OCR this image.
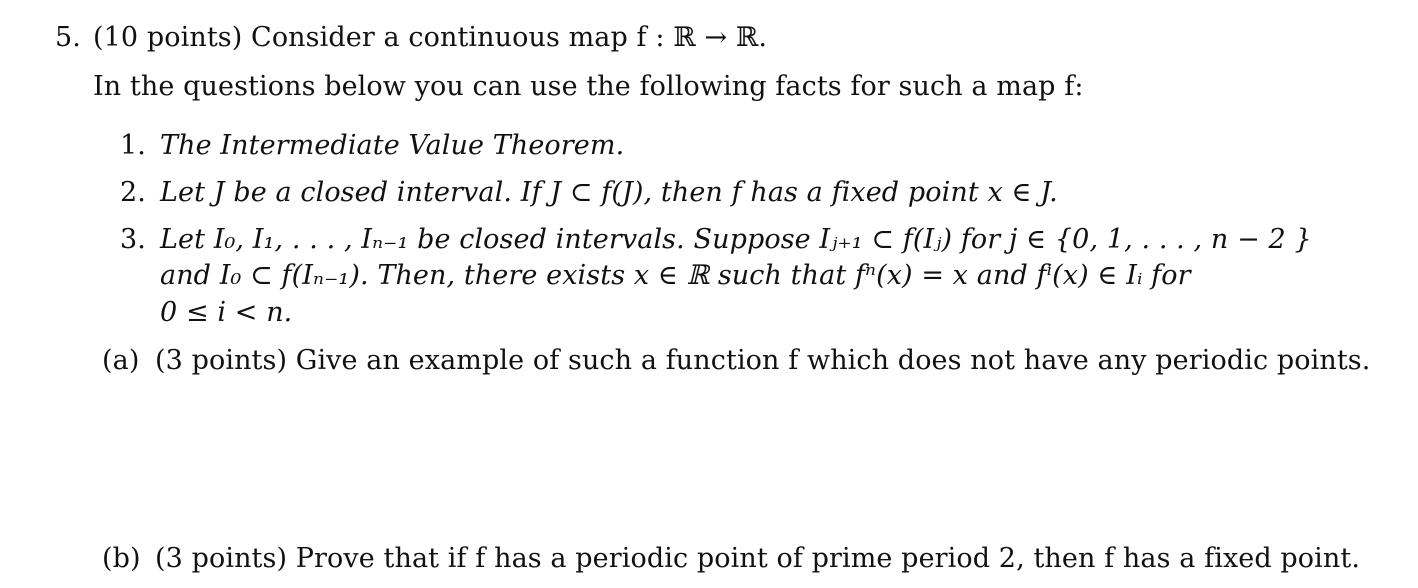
5. (10 points) Consider a continuous map f : ℝ → ℝ.
In the questions below you can use the following facts for such a map f:
1. The Intermediate Value Theorem.
2. Let J be a closed interval. If J ⊂ f(J), then f has a fixed point x ∈ J.
3. Let I₀, I₁, . . . , Iₙ₋₁ be closed intervals. Suppose Iⱼ₊₁ ⊂ f(Iⱼ) for j ∈ {0, 1, . . . , n − 2 }
and I₀ ⊂ f(Iₙ₋₁). Then, there exists x ∈ ℝ such that fⁿ(x) = x and fⁱ(x) ∈ Iᵢ for
0 ≤ i < n.
(a) (3 points) Give an example of such a function f which does not have any periodic points.
(b) (3 points) Prove that if f has a periodic point of prime period 2, then f has a fixed point.
